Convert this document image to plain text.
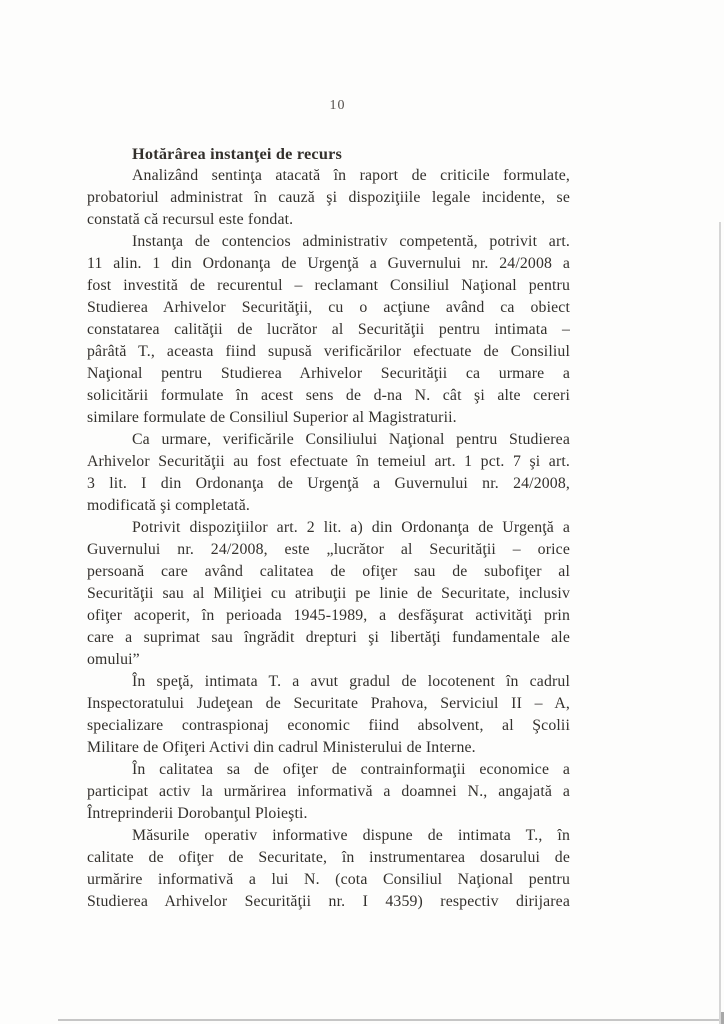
10
Hotărârea instanţei de recurs
Analizând sentinţa atacată în raport de criticile formulate,
probatoriul administrat în cauză şi dispoziţiile legale incidente, se
constată că recursul este fondat.
Instanţa de contencios administrativ competentă, potrivit art.
11 alin. 1 din Ordonanţa de Urgenţă a Guvernului nr. 24/2008 a
fost investită de recurentul – reclamant Consiliul Naţional pentru
Studierea Arhivelor Securităţii, cu o acţiune având ca obiect
constatarea calităţii de lucrător al Securităţii pentru intimata –
pârâtă T., aceasta fiind supusă verificărilor efectuate de Consiliul
Naţional pentru Studierea Arhivelor Securităţii ca urmare a
solicitării formulate în acest sens de d-na N. cât şi alte cereri
similare formulate de Consiliul Superior al Magistraturii.
Ca urmare, verificările Consiliului Naţional pentru Studierea
Arhivelor Securităţii au fost efectuate în temeiul art. 1 pct. 7 şi art.
3 lit. I din Ordonanţa de Urgenţă a Guvernului nr. 24/2008,
modificată şi completată.
Potrivit dispoziţiilor art. 2 lit. a) din Ordonanţa de Urgenţă a
Guvernului nr. 24/2008, este „lucrător al Securităţii – orice
persoană care având calitatea de ofiţer sau de subofiţer al
Securităţii sau al Miliţiei cu atribuţii pe linie de Securitate, inclusiv
ofiţer acoperit, în perioada 1945-1989, a desfăşurat activităţi prin
care a suprimat sau îngrădit drepturi şi libertăţi fundamentale ale
omului”
În speţă, intimata T. a avut gradul de locotenent în cadrul
Inspectoratului Judeţean de Securitate Prahova, Serviciul II – A,
specializare contraspionaj economic fiind absolvent, al Şcolii
Militare de Ofiţeri Activi din cadrul Ministerului de Interne.
În calitatea sa de ofiţer de contrainformaţii economice a
participat activ la urmărirea informativă a doamnei N., angajată a
Întreprinderii Dorobanţul Ploieşti.
Măsurile operativ informative dispune de intimata T., în
calitate de ofiţer de Securitate, în instrumentarea dosarului de
urmărire informativă a lui N. (cota Consiliul Naţional pentru
Studierea Arhivelor Securităţii nr. I 4359) respectiv dirijarea
